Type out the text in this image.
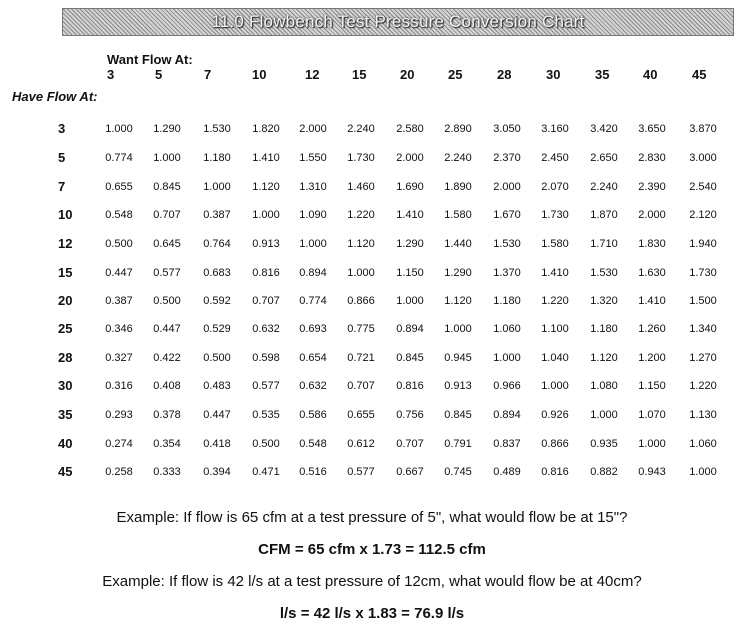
11.0 Flowbench Test Pressure Conversion Chart
Want Flow At:
Have Flow At:
3	5	7	10	12	15	20	25	28	30	35	40	45
3	1.000	1.290	1.530	1.820	2.000	2.240	2.580	2.890	3.050	3.160	3.420	3.650	3.870
5	0.774	1.000	1.180	1.410	1.550	1.730	2.000	2.240	2.370	2.450	2.650	2.830	3.000
7	0.655	0.845	1.000	1.120	1.310	1.460	1.690	1.890	2.000	2.070	2.240	2.390	2.540
10	0.548	0.707	0.387	1.000	1.090	1.220	1.410	1.580	1.670	1.730	1.870	2.000	2.120
12	0.500	0.645	0.764	0.913	1.000	1.120	1.290	1.440	1.530	1.580	1.710	1.830	1.940
15	0.447	0.577	0.683	0.816	0.894	1.000	1.150	1.290	1.370	1.410	1.530	1.630	1.730
20	0.387	0.500	0.592	0.707	0.774	0.866	1.000	1.120	1.180	1.220	1.320	1.410	1.500
25	0.346	0.447	0.529	0.632	0.693	0.775	0.894	1.000	1.060	1.100	1.180	1.260	1.340
28	0.327	0.422	0.500	0.598	0.654	0.721	0.845	0.945	1.000	1.040	1.120	1.200	1.270
30	0.316	0.408	0.483	0.577	0.632	0.707	0.816	0.913	0.966	1.000	1.080	1.150	1.220
35	0.293	0.378	0.447	0.535	0.586	0.655	0.756	0.845	0.894	0.926	1.000	1.070	1.130
40	0.274	0.354	0.418	0.500	0.548	0.612	0.707	0.791	0.837	0.866	0.935	1.000	1.060
45	0.258	0.333	0.394	0.471	0.516	0.577	0.667	0.745	0.489	0.816	0.882	0.943	1.000
Example: If flow is 65 cfm at a test pressure of 5", what would flow be at 15"?
CFM = 65 cfm x 1.73 = 112.5 cfm
Example: If flow is 42 l/s at a test pressure of 12cm, what would flow be at 40cm?
l/s = 42 l/s x 1.83 = 76.9 l/s
